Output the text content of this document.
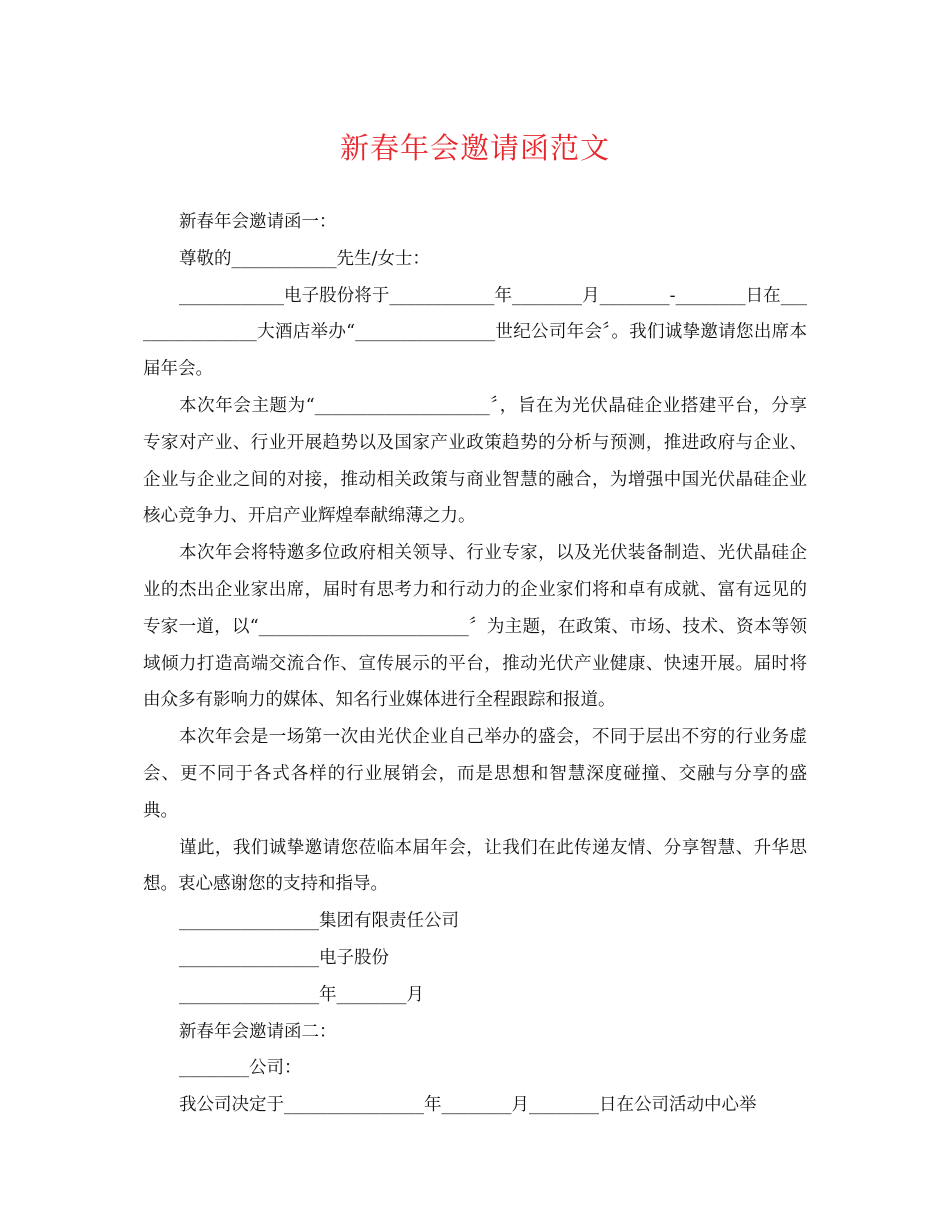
新春年会邀请函范文

新春年会邀请函一：

尊敬的____________先生/女士：

____________电子股份将于____________年________月________-________日在________________大酒店举办“________________世纪公司年会〞。我们诚挚邀请您出席本届年会。

本次年会主题为“____________________〞，旨在为光伏晶硅企业搭建平台，分享专家对产业、行业开展趋势以及国家产业政策趋势的分析与预测，推进政府与企业、企业与企业之间的对接，推动相关政策与商业智慧的融合，为增强中国光伏晶硅企业核心竞争力、开启产业辉煌奉献绵薄之力。

本次年会将特邀多位政府相关领导、行业专家，以及光伏装备制造、光伏晶硅企业的杰出企业家出席，届时有思考力和行动力的企业家们将和卓有成就、富有远见的专家一道，以“________________________〞为主题，在政策、市场、技术、资本等领域倾力打造高端交流合作、宣传展示的平台，推动光伏产业健康、快速开展。届时将由众多有影响力的媒体、知名行业媒体进行全程跟踪和报道。

本次年会是一场第一次由光伏企业自己举办的盛会，不同于层出不穷的行业务虚会、更不同于各式各样的行业展销会，而是思想和智慧深度碰撞、交融与分享的盛典。

谨此，我们诚挚邀请您莅临本届年会，让我们在此传递友情、分享智慧、升华思想。衷心感谢您的支持和指导。

________________集团有限责任公司

________________电子股份

________________年________月

新春年会邀请函二：

________公司：

我公司决定于________________年________月________日在公司活动中心举
